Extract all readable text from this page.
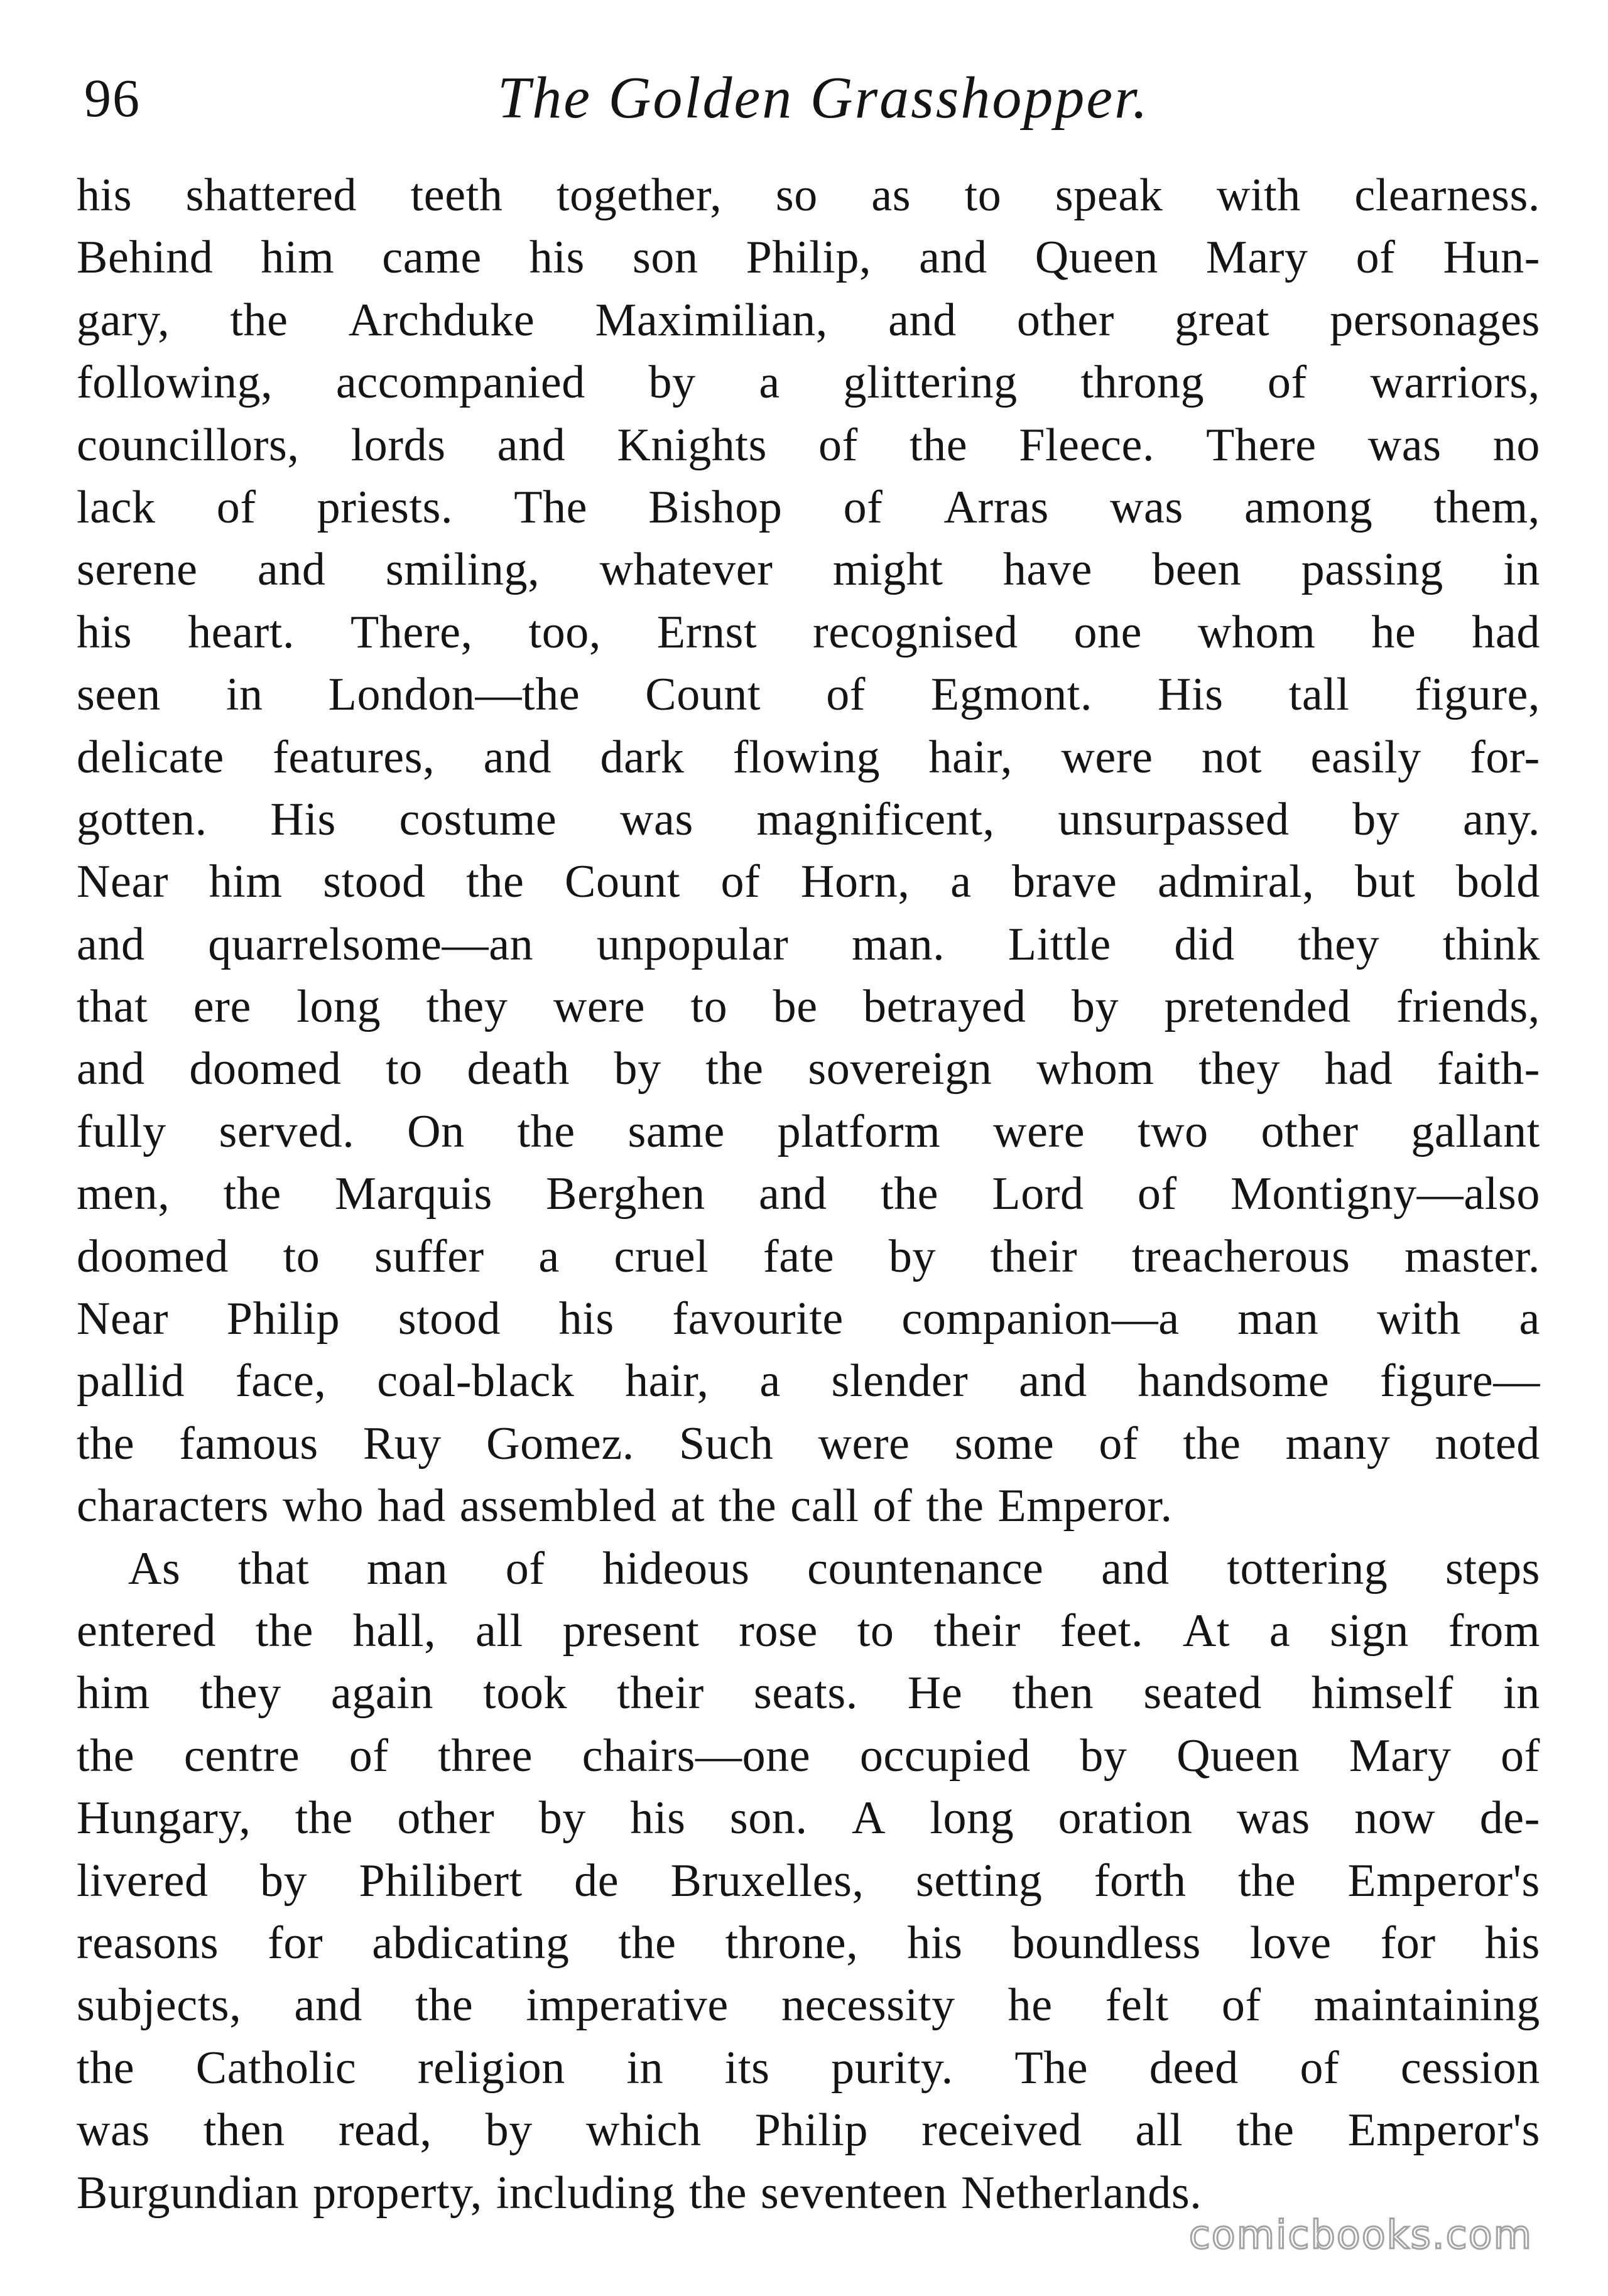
96	The Golden Grasshopper.
his shattered teeth together, so as to speak with clearness.
Behind him came his son Philip, and Queen Mary of Hun-
gary, the Archduke Maximilian, and other great personages
following, accompanied by a glittering throng of warriors,
councillors, lords and Knights of the Fleece. There was no
lack of priests. The Bishop of Arras was among them,
serene and smiling, whatever might have been passing in
his heart. There, too, Ernst recognised one whom he had
seen in London—the Count of Egmont. His tall figure,
delicate features, and dark flowing hair, were not easily for-
gotten. His costume was magnificent, unsurpassed by any.
Near him stood the Count of Horn, a brave admiral, but bold
and quarrelsome—an unpopular man. Little did they think
that ere long they were to be betrayed by pretended friends,
and doomed to death by the sovereign whom they had faith-
fully served. On the same platform were two other gallant
men, the Marquis Berghen and the Lord of Montigny—also
doomed to suffer a cruel fate by their treacherous master.
Near Philip stood his favourite companion—a man with a
pallid face, coal-black hair, a slender and handsome figure—
the famous Ruy Gomez. Such were some of the many noted
characters who had assembled at the call of the Emperor.
As that man of hideous countenance and tottering steps
entered the hall, all present rose to their feet. At a sign from
him they again took their seats. He then seated himself in
the centre of three chairs—one occupied by Queen Mary of
Hungary, the other by his son. A long oration was now de-
livered by Philibert de Bruxelles, setting forth the Emperor's
reasons for abdicating the throne, his boundless love for his
subjects, and the imperative necessity he felt of maintaining
the Catholic religion in its purity. The deed of cession
was then read, by which Philip received all the Emperor's
Burgundian property, including the seventeen Netherlands.
comicbooks.com
